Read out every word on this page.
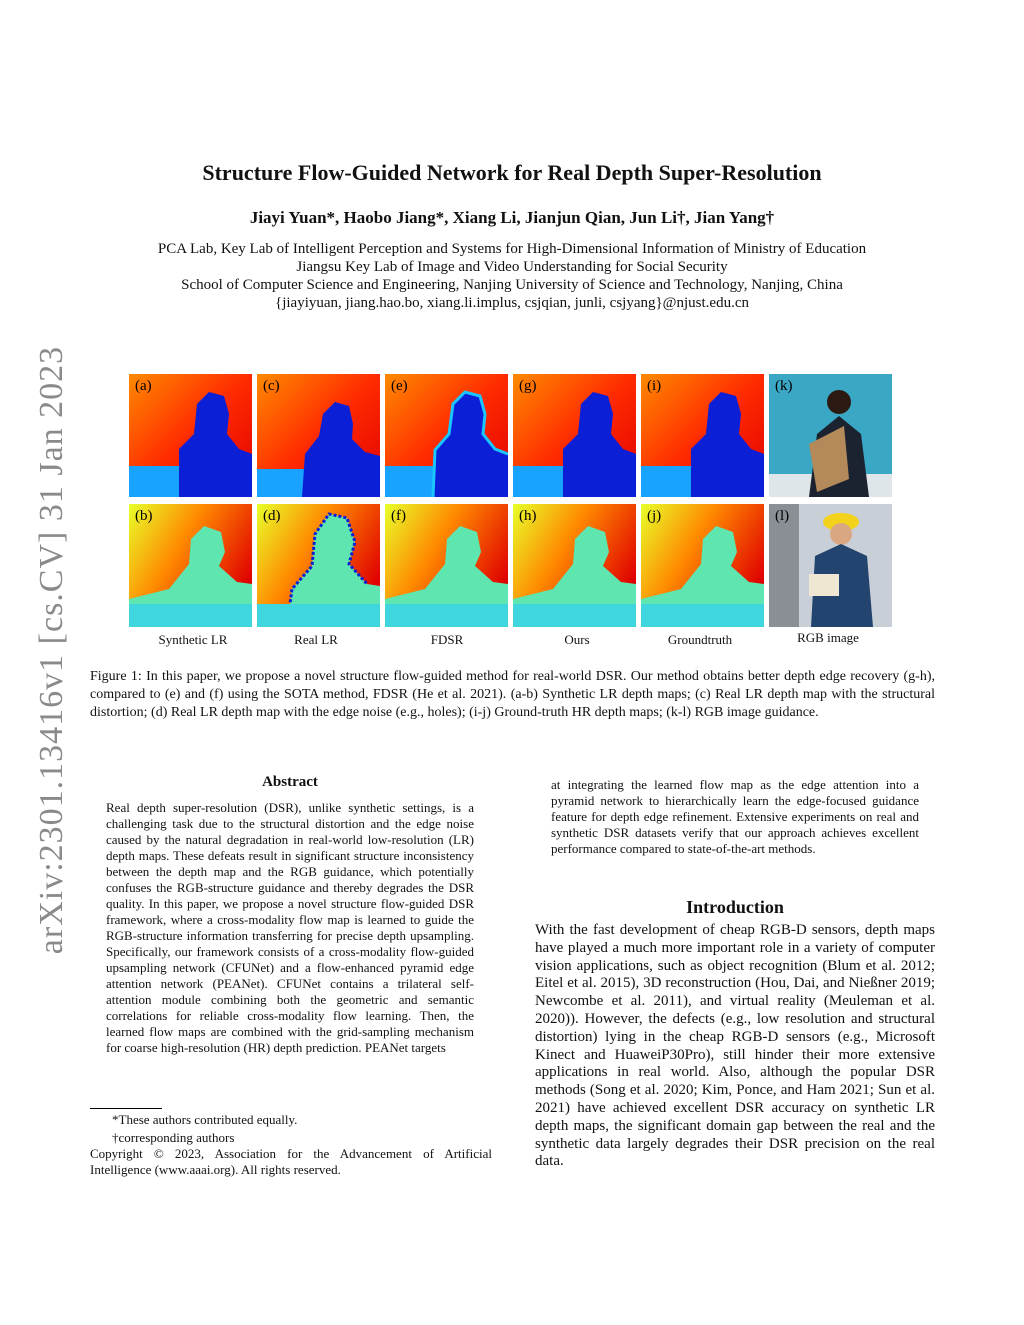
arXiv:2301.13416v1 [cs.CV] 31 Jan 2023
Structure Flow-Guided Network for Real Depth Super-Resolution
Jiayi Yuan*, Haobo Jiang*, Xiang Li, Jianjun Qian, Jun Li†, Jian Yang†
PCA Lab, Key Lab of Intelligent Perception and Systems for High-Dimensional Information of Ministry of Education
Jiangsu Key Lab of Image and Video Understanding for Social Security
School of Computer Science and Engineering, Nanjing University of Science and Technology, Nanjing, China
{jiayiyuan, jiang.hao.bo, xiang.li.implus, csjqian, junli, csjyang}@njust.edu.cn
(a)	(c)	(e)	(g)	(i)	(k)
(b)	(d)	(f)	(h)	(j)	(l)
Synthetic LR	Real LR	FDSR	Ours	Groundtruth	RGB image
Figure 1: In this paper, we propose a novel structure flow-guided method for real-world DSR. Our method obtains better depth edge recovery (g-h), compared to (e) and (f) using the SOTA method, FDSR (He et al. 2021). (a-b) Synthetic LR depth maps; (c) Real LR depth map with the structural distortion; (d) Real LR depth map with the edge noise (e.g., holes); (i-j) Ground-truth HR depth maps; (k-l) RGB image guidance.
Abstract
Real depth super-resolution (DSR), unlike synthetic settings, is a challenging task due to the structural distortion and the edge noise caused by the natural degradation in real-world low-resolution (LR) depth maps. These defeats result in significant structure inconsistency between the depth map and the RGB guidance, which potentially confuses the RGB-structure guidance and thereby degrades the DSR quality. In this paper, we propose a novel structure flow-guided DSR framework, where a cross-modality flow map is learned to guide the RGB-structure information transferring for precise depth upsampling. Specifically, our framework consists of a cross-modality flow-guided upsampling network (CFUNet) and a flow-enhanced pyramid edge attention network (PEANet). CFUNet contains a trilateral self-attention module combining both the geometric and semantic correlations for reliable cross-modality flow learning. Then, the learned flow maps are combined with the grid-sampling mechanism for coarse high-resolution (HR) depth prediction. PEANet targets
*These authors contributed equally.
†corresponding authors
Copyright © 2023, Association for the Advancement of Artificial Intelligence (www.aaai.org). All rights reserved.
at integrating the learned flow map as the edge attention into a pyramid network to hierarchically learn the edge-focused guidance feature for depth edge refinement. Extensive experiments on real and synthetic DSR datasets verify that our approach achieves excellent performance compared to state-of-the-art methods.
Introduction
With the fast development of cheap RGB-D sensors, depth maps have played a much more important role in a variety of computer vision applications, such as object recognition (Blum et al. 2012; Eitel et al. 2015), 3D reconstruction (Hou, Dai, and Nießner 2019; Newcombe et al. 2011), and virtual reality (Meuleman et al. 2020)). However, the defects (e.g., low resolution and structural distortion) lying in the cheap RGB-D sensors (e.g., Microsoft Kinect and HuaweiP30Pro), still hinder their more extensive applications in real world. Also, although the popular DSR methods (Song et al. 2020; Kim, Ponce, and Ham 2021; Sun et al. 2021) have achieved excellent DSR accuracy on synthetic LR depth maps, the significant domain gap between the real and the synthetic data largely degrades their DSR precision on the real data.
